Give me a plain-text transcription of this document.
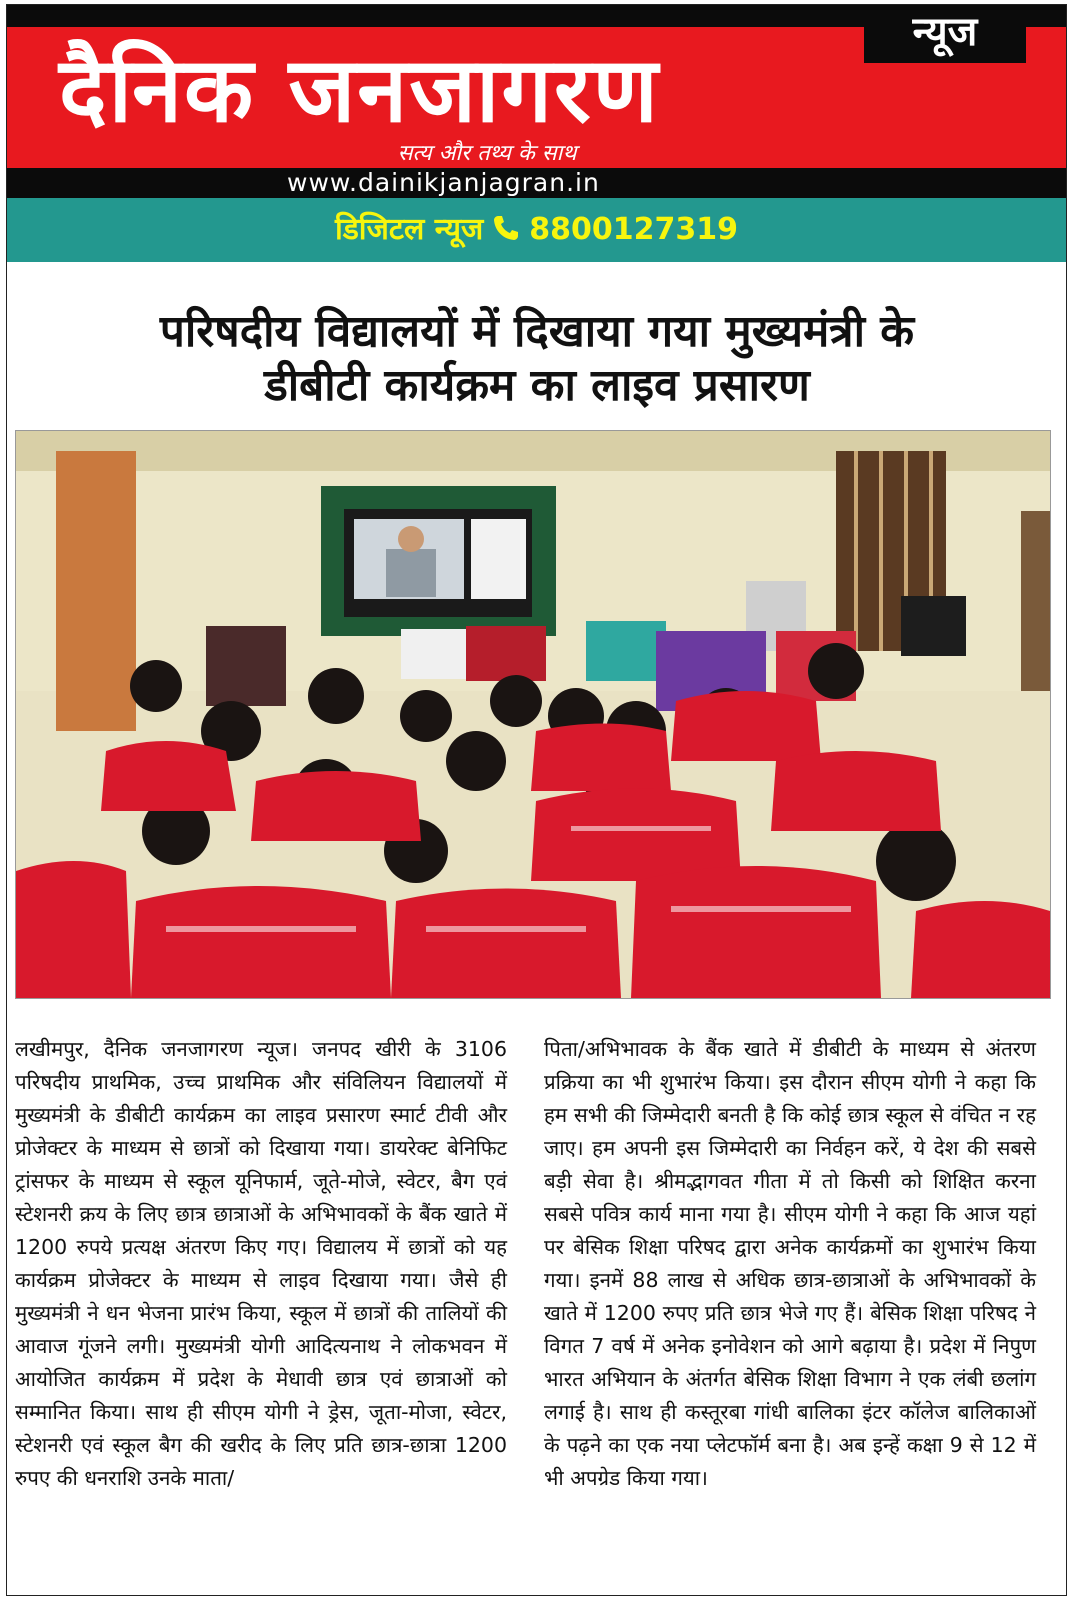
न्यूज
दैनिक जनजागरण
सत्य और तथ्य के साथ
www.dainikjanjagran.in
डिजिटल न्यूज 8800127319
परिषदीय विद्यालयों में दिखाया गया मुख्यमंत्री के
डीबीटी कार्यक्रम का लाइव प्रसारण
लखीमपुर, दैनिक जनजागरण न्यूज। जनपद खीरी के 3106 परिषदीय प्राथमिक, उच्च प्राथमिक और संविलियन विद्यालयों में मुख्यमंत्री के डीबीटी कार्यक्रम का लाइव प्रसारण स्मार्ट टीवी और प्रोजेक्टर के माध्यम से छात्रों को दिखाया गया। डायरेक्ट बेनिफिट ट्रांसफर के माध्यम से स्कूल यूनिफार्म, जूते-मोजे, स्वेटर, बैग एवं स्टेशनरी क्रय के लिए छात्र छात्राओं के अभिभावकों के बैंक खाते में 1200 रुपये प्रत्यक्ष अंतरण किए गए। विद्यालय में छात्रों को यह कार्यक्रम प्रोजेक्टर के माध्यम से लाइव दिखाया गया। जैसे ही मुख्यमंत्री ने धन भेजना प्रारंभ किया, स्कूल में छात्रों की तालियों की आवाज गूंजने लगी। मुख्यमंत्री योगी आदित्यनाथ ने लोकभवन में आयोजित कार्यक्रम में प्रदेश के मेधावी छात्र एवं छात्राओं को सम्मानित किया। साथ ही सीएम योगी ने ड्रेस, जूता-मोजा, स्वेटर, स्टेशनरी एवं स्कूल बैग की खरीद के लिए प्रति छात्र-छात्रा 1200 रुपए की धनराशि उनके माता/
पिता/अभिभावक के बैंक खाते में डीबीटी के माध्यम से अंतरण प्रक्रिया का भी शुभारंभ किया। इस दौरान सीएम योगी ने कहा कि हम सभी की जिम्मेदारी बनती है कि कोई छात्र स्कूल से वंचित न रह जाए। हम अपनी इस जिम्मेदारी का निर्वहन करें, ये देश की सबसे बड़ी सेवा है। श्रीमद्भागवत गीता में तो किसी को शिक्षित करना सबसे पवित्र कार्य माना गया है। सीएम योगी ने कहा कि आज यहां पर बेसिक शिक्षा परिषद द्वारा अनेक कार्यक्रमों का शुभारंभ किया गया। इनमें 88 लाख से अधिक छात्र-छात्राओं के अभिभावकों के खाते में 1200 रुपए प्रति छात्र भेजे गए हैं। बेसिक शिक्षा परिषद ने विगत 7 वर्ष में अनेक इनोवेशन को आगे बढ़ाया है। प्रदेश में निपुण भारत अभियान के अंतर्गत बेसिक शिक्षा विभाग ने एक लंबी छलांग लगाई है। साथ ही कस्तूरबा गांधी बालिका इंटर कॉलेज बालिकाओं के पढ़ने का एक नया प्लेटफॉर्म बना है। अब इन्हें कक्षा 9 से 12 में भी अपग्रेड किया गया।
